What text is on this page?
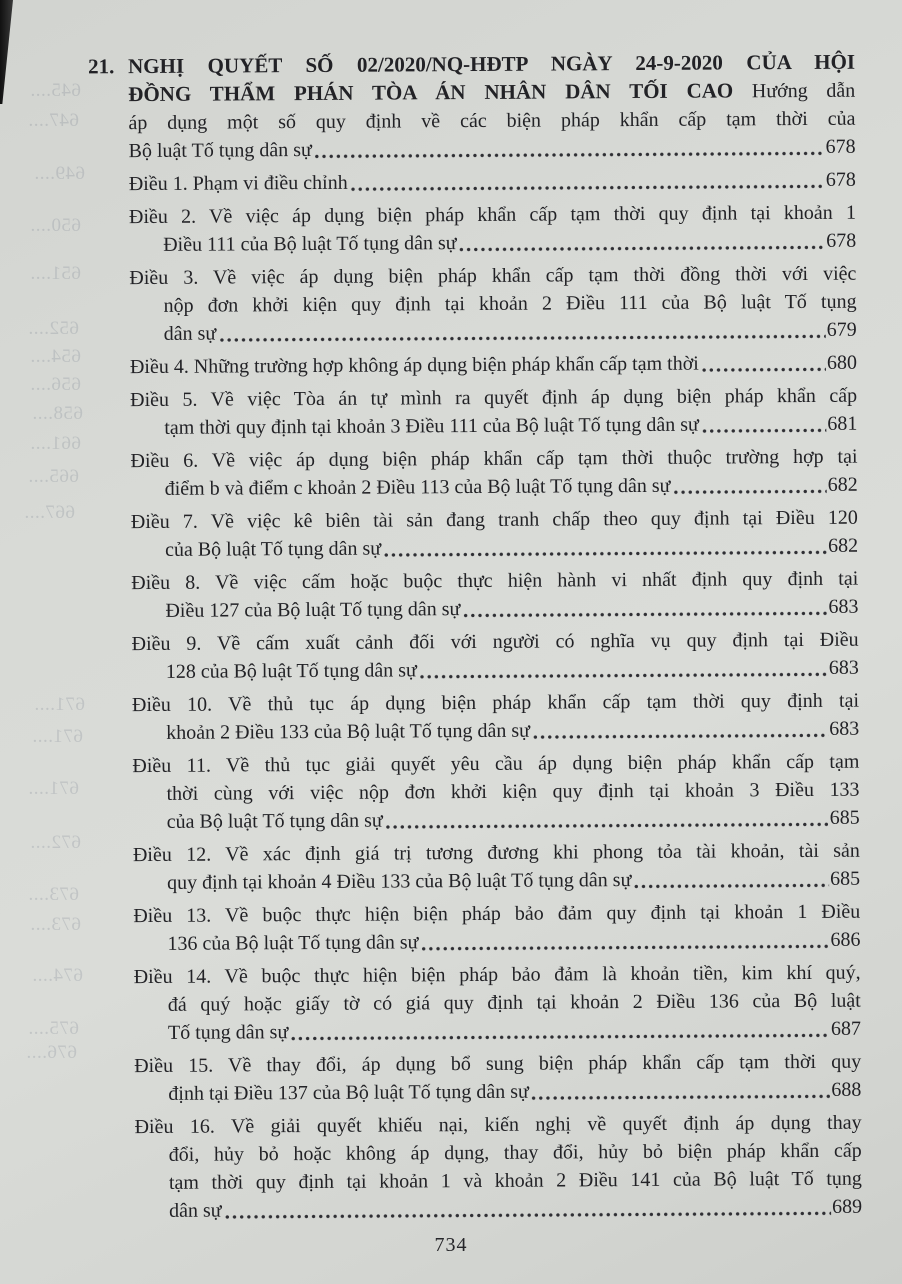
645....
647....
649....
650....
651....
652....
654....
656....
658....
661....
665....
667....
671....
671....
671....
672....
673....
673....
674....
675....
676....
21. NGHỊ QUYẾT SỐ 02/2020/NQ-HĐTP NGÀY 24-9-2020 CỦA HỘI
ĐỒNG THẨM PHÁN TÒA ÁN NHÂN DÂN TỐI CAO Hướng dẫn
áp dụng một số quy định về các biện pháp khẩn cấp tạm thời của
Bộ luật Tố tụng dân sự	678
Điều 1. Phạm vi điều chỉnh	678
Điều 2. Về việc áp dụng biện pháp khẩn cấp tạm thời quy định tại khoản 1
Điều 111 của Bộ luật Tố tụng dân sự	678
Điều 3. Về việc áp dụng biện pháp khẩn cấp tạm thời đồng thời với việc
nộp đơn khởi kiện quy định tại khoản 2 Điều 111 của Bộ luật Tố tụng
dân sự	679
Điều 4. Những trường hợp không áp dụng biện pháp khẩn cấp tạm thời	680
Điều 5. Về việc Tòa án tự mình ra quyết định áp dụng biện pháp khẩn cấp
tạm thời quy định tại khoản 3 Điều 111 của Bộ luật Tố tụng dân sự	681
Điều 6. Về việc áp dụng biện pháp khẩn cấp tạm thời thuộc trường hợp tại
điểm b và điểm c khoản 2 Điều 113 của Bộ luật Tố tụng dân sự	682
Điều 7. Về việc kê biên tài sản đang tranh chấp theo quy định tại Điều 120
của Bộ luật Tố tụng dân sự	682
Điều 8. Về việc cấm hoặc buộc thực hiện hành vi nhất định quy định tại
Điều 127 của Bộ luật Tố tụng dân sự	683
Điều 9. Về cấm xuất cảnh đối với người có nghĩa vụ quy định tại Điều
128 của Bộ luật Tố tụng dân sự	683
Điều 10. Về thủ tục áp dụng biện pháp khẩn cấp tạm thời quy định tại
khoản 2 Điều 133 của Bộ luật Tố tụng dân sự	683
Điều 11. Về thủ tục giải quyết yêu cầu áp dụng biện pháp khẩn cấp tạm
thời cùng với việc nộp đơn khởi kiện quy định tại khoản 3 Điều 133
của Bộ luật Tố tụng dân sự	685
Điều 12. Về xác định giá trị tương đương khi phong tỏa tài khoản, tài sản
quy định tại khoản 4 Điều 133 của Bộ luật Tố tụng dân sự	685
Điều 13. Về buộc thực hiện biện pháp bảo đảm quy định tại khoản 1 Điều
136 của Bộ luật Tố tụng dân sự	686
Điều 14. Về buộc thực hiện biện pháp bảo đảm là khoản tiền, kim khí quý,
đá quý hoặc giấy tờ có giá quy định tại khoản 2 Điều 136 của Bộ luật
Tố tụng dân sự	687
Điều 15. Về thay đổi, áp dụng bổ sung biện pháp khẩn cấp tạm thời quy
định tại Điều 137 của Bộ luật Tố tụng dân sự	688
Điều 16. Về giải quyết khiếu nại, kiến nghị về quyết định áp dụng thay
đổi, hủy bỏ hoặc không áp dụng, thay đổi, hủy bỏ biện pháp khẩn cấp
tạm thời quy định tại khoản 1 và khoản 2 Điều 141 của Bộ luật Tố tụng
dân sự	689
734
